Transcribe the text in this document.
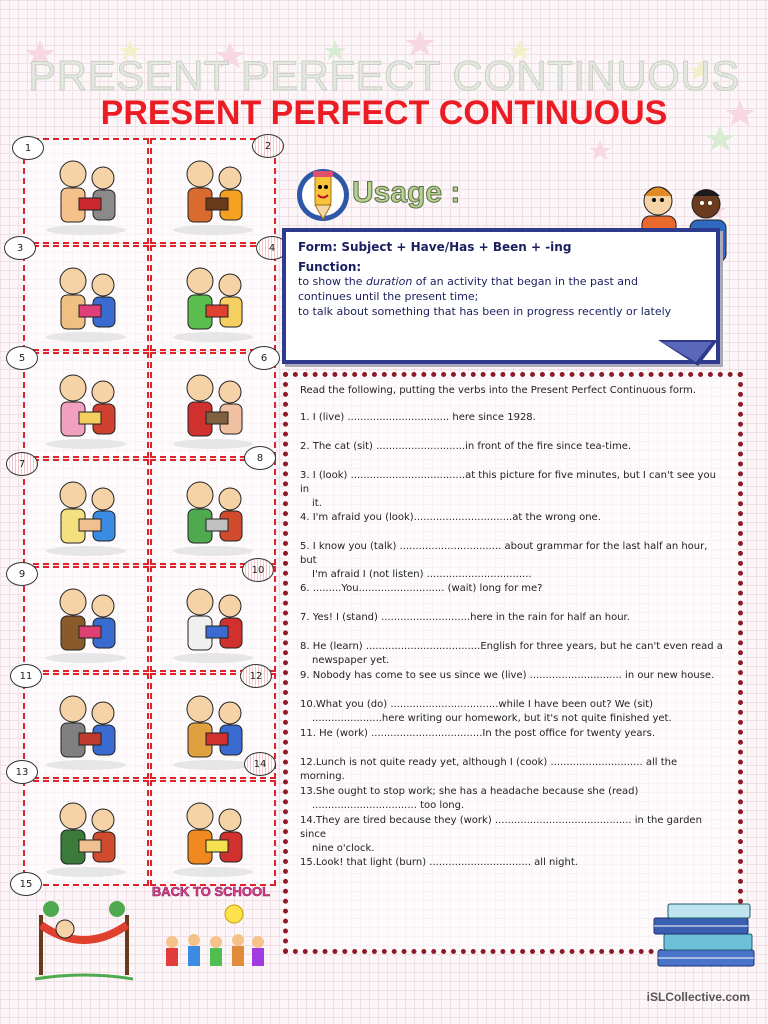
PRESENT PERFECT CONTINUOUS
PRESENT PERFECT CONTINUOUS
1	2
3	4
5	6
7
8
9	10
11	12
13
14
15
Usage :
Form: Subject + Have/Has + Been + -ing
Function:
to show the duration of an activity that began in the past and
continues until the present time;
to talk about something that has been in progress recently or lately
Read the following, putting the verbs into the Present Perfect Continuous form.
1. I (live) ................................ here since 1928.
2. The cat (sit) ............................in front of the fire since tea-time.
3. I (look) ....................................at this picture for five minutes, but I can't see you in
it.
4. I'm afraid you (look)...............................at the wrong one.
5. I know you (talk) ................................ about grammar for the last half an hour, but
I'm afraid I (not listen) .................................
6. .........You........................... (wait) long for me?
7. Yes! I (stand) ............................here in the rain for half an hour.
8. He (learn) ....................................English for three years, but he can't even read a
newspaper yet.
9. Nobody has come to see us since we (live) ............................. in our new house.
10.What you (do) ..................................while I have been out? We (sit)
......................here writing our homework, but it's not quite finished yet.
11. He (work) ...................................In the post office for twenty years.
12.Lunch is not quite ready yet, although I (cook) ............................. all the morning.
13.She ought to stop work; she has a headache because she (read)
................................. too long.
14.They are tired because they (work) ........................................... in the garden since
nine o'clock.
15.Look! that light (burn) ................................ all night.
BACK TO SCHOOL
iSLCollective.com
